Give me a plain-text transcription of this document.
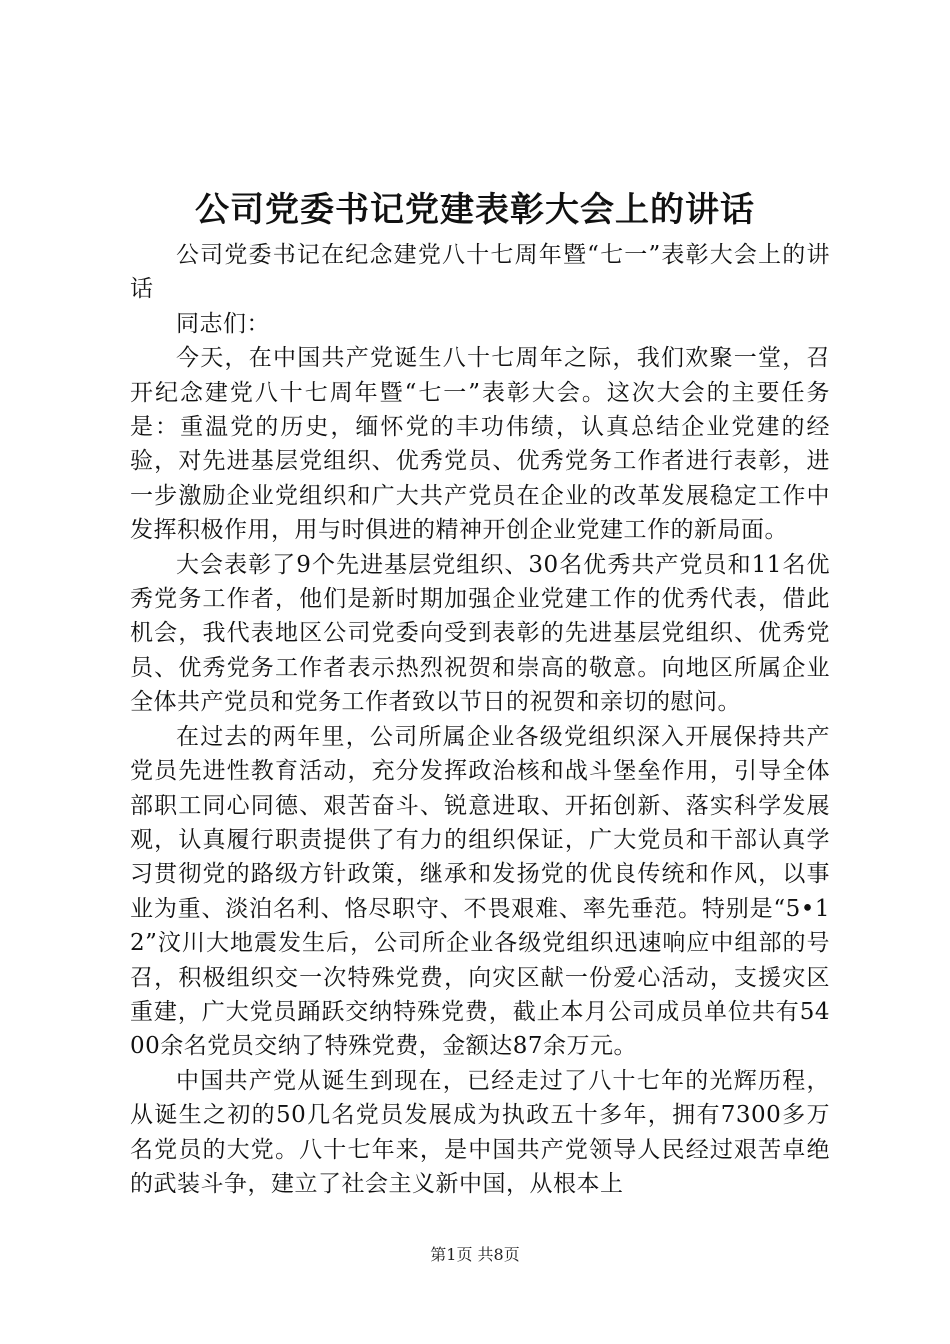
公司党委书记党建表彰大会上的讲话

公司党委书记在纪念建党八十七周年暨“七一”表彰大会上的讲话

同志们：

今天，在中国共产党诞生八十七周年之际，我们欢聚一堂，召开纪念建党八十七周年暨“七一”表彰大会。这次大会的主要任务是：重温党的历史，缅怀党的丰功伟绩，认真总结企业党建的经验，对先进基层党组织、优秀党员、优秀党务工作者进行表彰，进一步激励企业党组织和广大共产党员在企业的改革发展稳定工作中发挥积极作用，用与时俱进的精神开创企业党建工作的新局面。

大会表彰了9个先进基层党组织、30名优秀共产党员和11名优秀党务工作者，他们是新时期加强企业党建工作的优秀代表，借此机会，我代表地区公司党委向受到表彰的先进基层党组织、优秀党员、优秀党务工作者表示热烈祝贺和崇高的敬意。向地区所属企业全体共产党员和党务工作者致以节日的祝贺和亲切的慰问。

在过去的两年里，公司所属企业各级党组织深入开展保持共产党员先进性教育活动，充分发挥政治核和战斗堡垒作用，引导全体部职工同心同德、艰苦奋斗、锐意进取、开拓创新、落实科学发展观，认真履行职责提供了有力的组织保证，广大党员和干部认真学习贯彻党的路级方针政策，继承和发扬党的优良传统和作风，以事业为重、淡泊名利、恪尽职守、不畏艰难、率先垂范。特别是“5•12”汶川大地震发生后，公司所企业各级党组织迅速响应中组部的号召，积极组织交一次特殊党费，向灾区献一份爱心活动，支援灾区重建，广大党员踊跃交纳特殊党费，截止本月公司成员单位共有5400余名党员交纳了特殊党费，金额达87余万元。

中国共产党从诞生到现在，已经走过了八十七年的光辉历程，从诞生之初的50几名党员发展成为执政五十多年，拥有7300多万名党员的大党。八十七年来，是中国共产党领导人民经过艰苦卓绝的武装斗争，建立了社会主义新中国，从根本上

第1页 共8页
